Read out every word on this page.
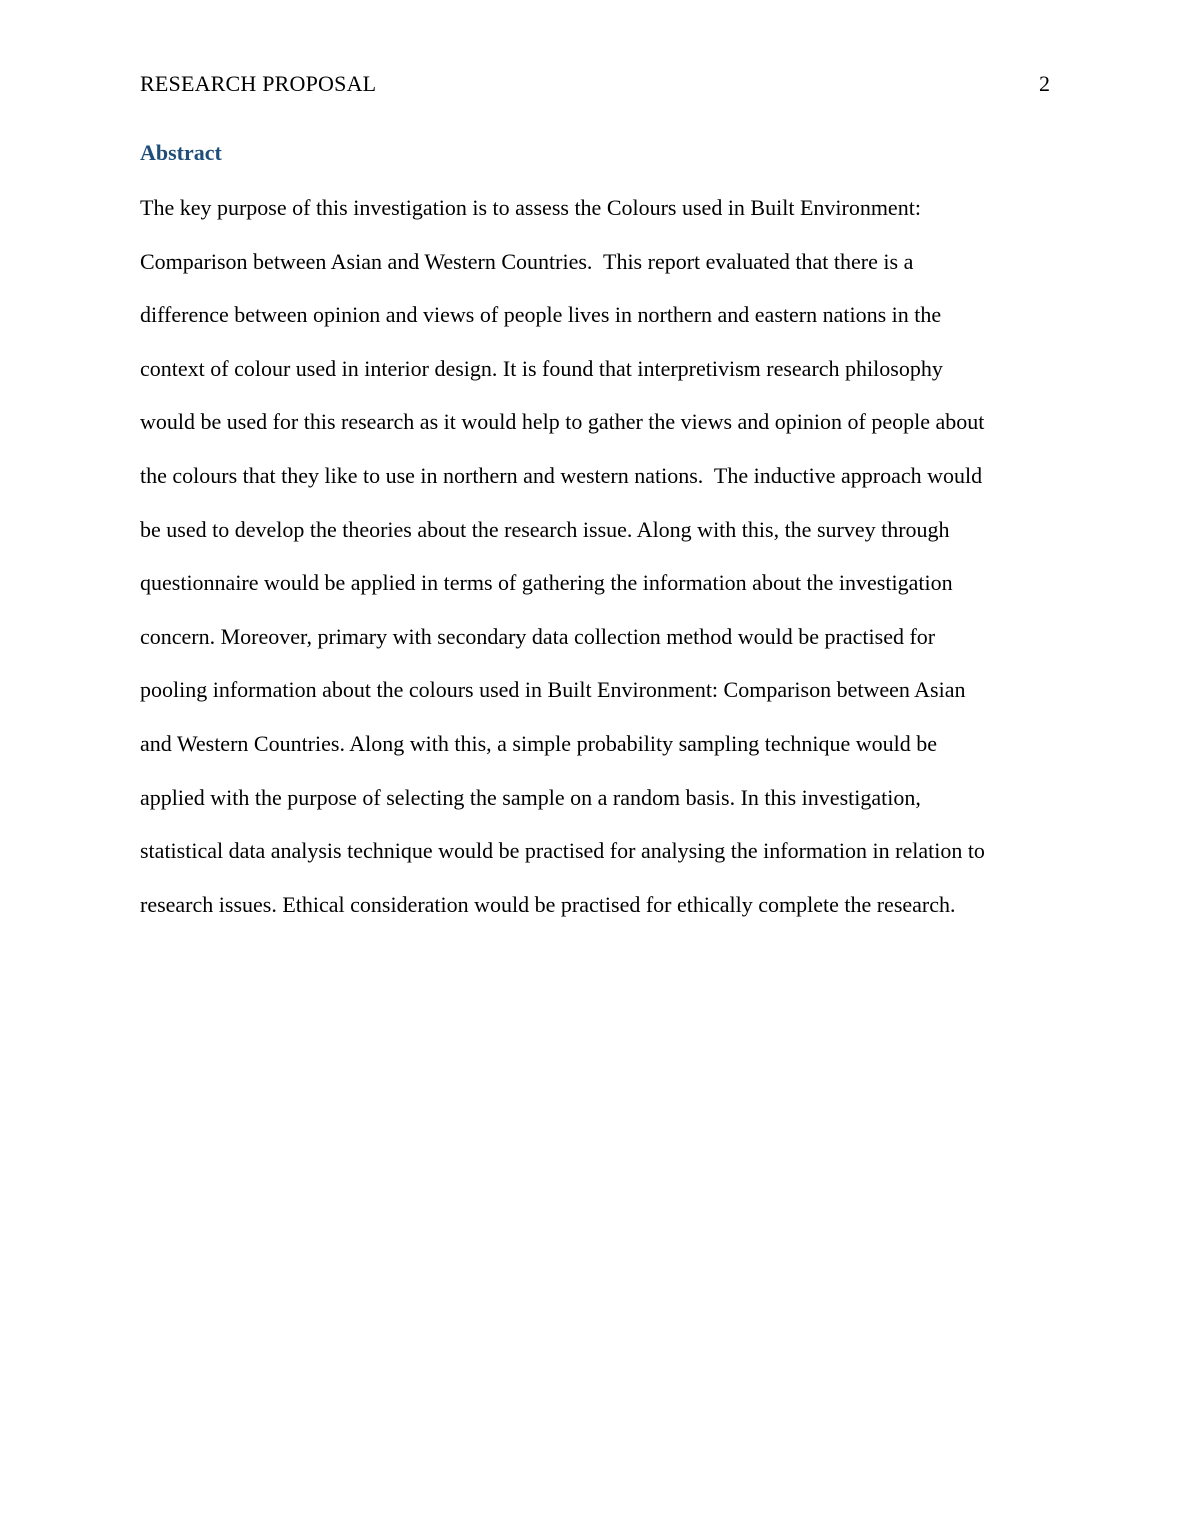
RESEARCH PROPOSAL	2
Abstract
The key purpose of this investigation is to assess the Colours used in Built Environment:
Comparison between Asian and Western Countries.  This report evaluated that there is a
difference between opinion and views of people lives in northern and eastern nations in the
context of colour used in interior design. It is found that interpretivism research philosophy
would be used for this research as it would help to gather the views and opinion of people about
the colours that they like to use in northern and western nations.  The inductive approach would
be used to develop the theories about the research issue. Along with this, the survey through
questionnaire would be applied in terms of gathering the information about the investigation
concern. Moreover, primary with secondary data collection method would be practised for
pooling information about the colours used in Built Environment: Comparison between Asian
and Western Countries. Along with this, a simple probability sampling technique would be
applied with the purpose of selecting the sample on a random basis. In this investigation,
statistical data analysis technique would be practised for analysing the information in relation to
research issues. Ethical consideration would be practised for ethically complete the research.
